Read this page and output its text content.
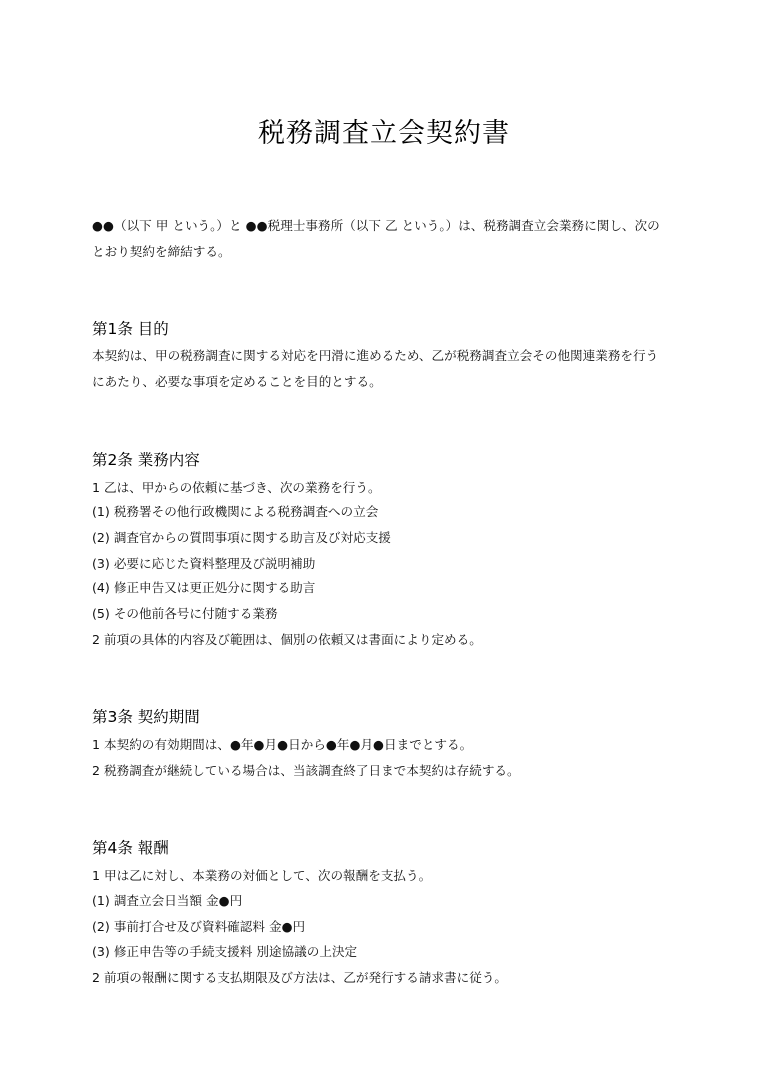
税務調査立会契約書
●●（以下 甲 という。）と ●●税理士事務所（以下 乙 という。）は、税務調査立会業務に関し、次の
とおり契約を締結する。
第1条 目的
本契約は、甲の税務調査に関する対応を円滑に進めるため、乙が税務調査立会その他関連業務を行う
にあたり、必要な事項を定めることを目的とする。
第2条 業務内容
1 乙は、甲からの依頼に基づき、次の業務を行う。
(1) 税務署その他行政機関による税務調査への立会
(2) 調査官からの質問事項に関する助言及び対応支援
(3) 必要に応じた資料整理及び説明補助
(4) 修正申告又は更正処分に関する助言
(5) その他前各号に付随する業務
2 前項の具体的内容及び範囲は、個別の依頼又は書面により定める。
第3条 契約期間
1 本契約の有効期間は、●年●月●日から●年●月●日までとする。
2 税務調査が継続している場合は、当該調査終了日まで本契約は存続する。
第4条 報酬
1 甲は乙に対し、本業務の対価として、次の報酬を支払う。
(1) 調査立会日当額 金●円
(2) 事前打合せ及び資料確認料 金●円
(3) 修正申告等の手続支援料 別途協議の上決定
2 前項の報酬に関する支払期限及び方法は、乙が発行する請求書に従う。
